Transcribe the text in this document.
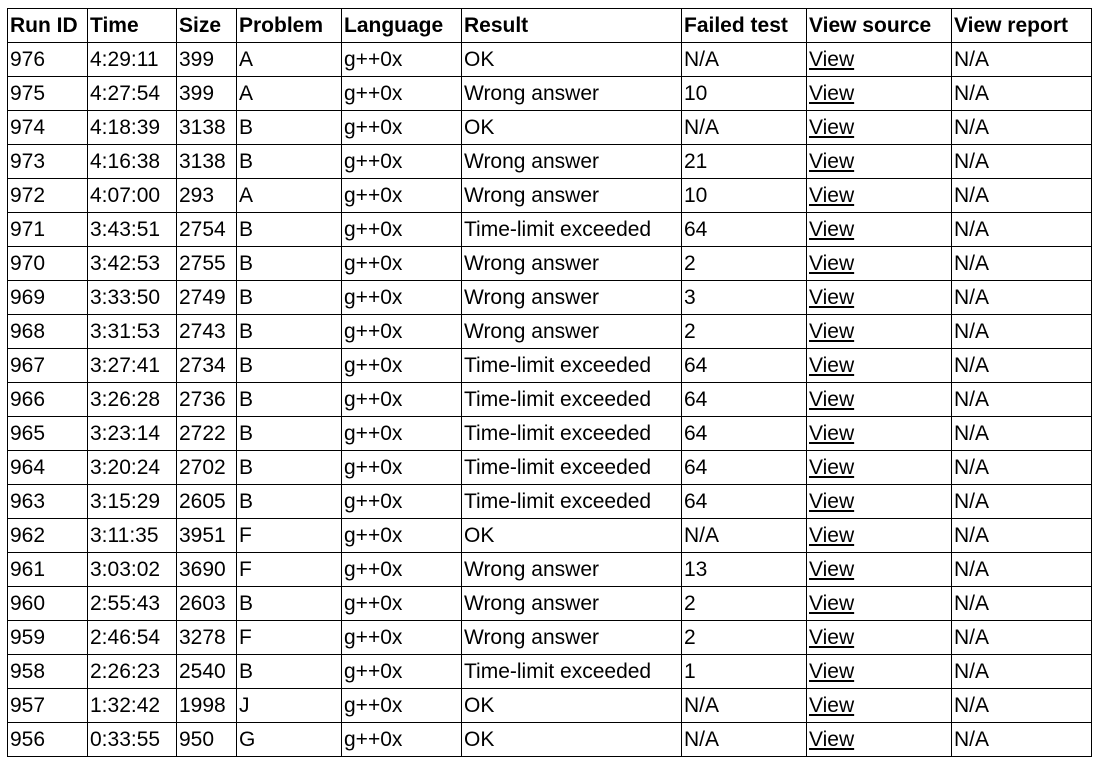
Run ID	Time	Size	Problem	Language	Result	Failed test	View source	View report
976	4:29:11	399	A	g++0x	OK	N/A	View	N/A
975	4:27:54	399	A	g++0x	Wrong answer	10	View	N/A
974	4:18:39	3138	B	g++0x	OK	N/A	View	N/A
973	4:16:38	3138	B	g++0x	Wrong answer	21	View	N/A
972	4:07:00	293	A	g++0x	Wrong answer	10	View	N/A
971	3:43:51	2754	B	g++0x	Time-limit exceeded	64	View	N/A
970	3:42:53	2755	B	g++0x	Wrong answer	2	View	N/A
969	3:33:50	2749	B	g++0x	Wrong answer	3	View	N/A
968	3:31:53	2743	B	g++0x	Wrong answer	2	View	N/A
967	3:27:41	2734	B	g++0x	Time-limit exceeded	64	View	N/A
966	3:26:28	2736	B	g++0x	Time-limit exceeded	64	View	N/A
965	3:23:14	2722	B	g++0x	Time-limit exceeded	64	View	N/A
964	3:20:24	2702	B	g++0x	Time-limit exceeded	64	View	N/A
963	3:15:29	2605	B	g++0x	Time-limit exceeded	64	View	N/A
962	3:11:35	3951	F	g++0x	OK	N/A	View	N/A
961	3:03:02	3690	F	g++0x	Wrong answer	13	View	N/A
960	2:55:43	2603	B	g++0x	Wrong answer	2	View	N/A
959	2:46:54	3278	F	g++0x	Wrong answer	2	View	N/A
958	2:26:23	2540	B	g++0x	Time-limit exceeded	1	View	N/A
957	1:32:42	1998	J	g++0x	OK	N/A	View	N/A
956	0:33:55	950	G	g++0x	OK	N/A	View	N/A
